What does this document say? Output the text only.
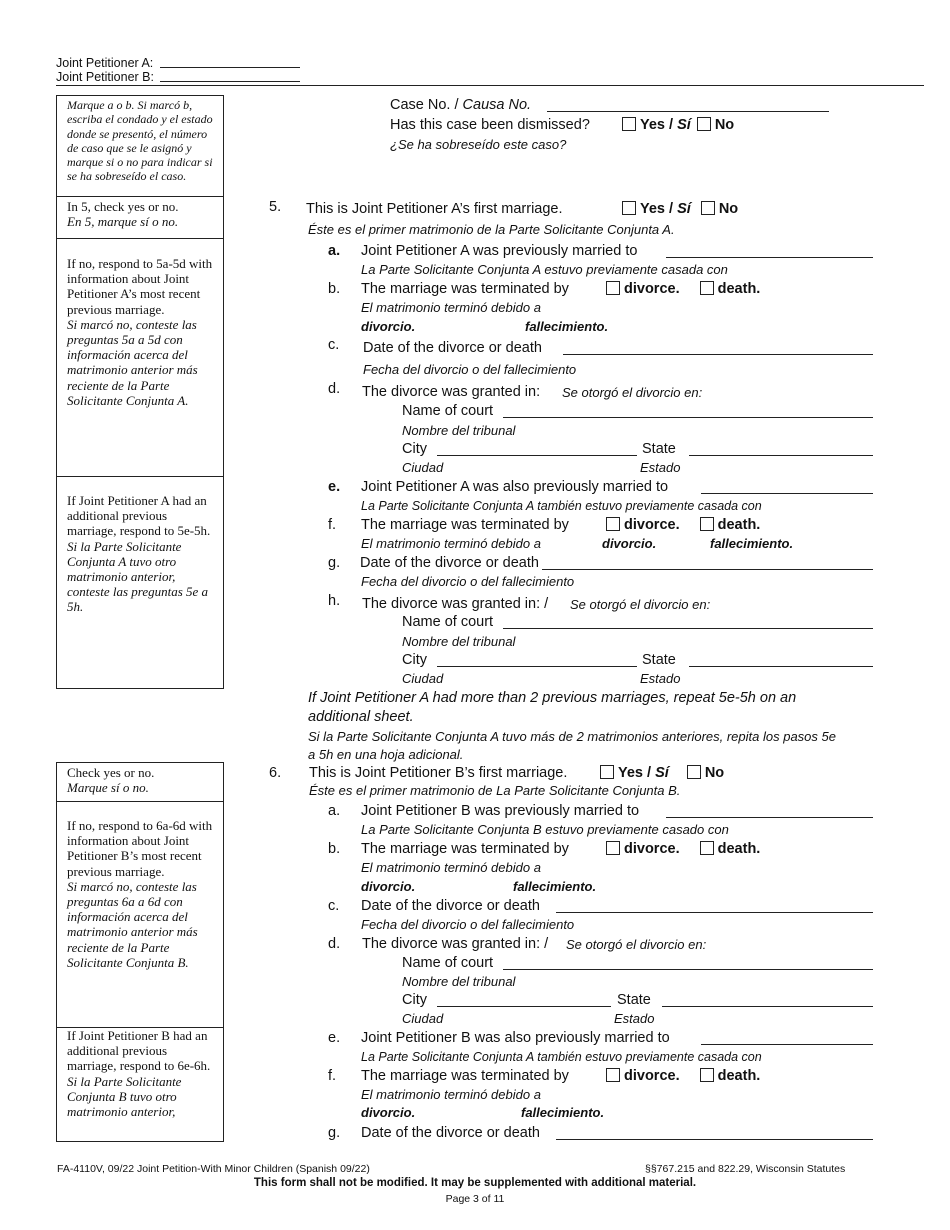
Joint Petitioner A:
Joint Petitioner B:
Marque a o b. Si marcó b, escriba el condado y el estado donde se presentó, el número de caso que se le asignó y marque si o no para indicar si se ha sobreseído el caso.
In 5, check yes or no.
En 5, marque sí o no.
If no, respond to 5a-5d with information about Joint Petitioner A’s most recent previous marriage.
Si marcó no, conteste las preguntas 5a a 5d con información acerca del matrimonio anterior más reciente de la Parte Solicitante Conjunta A.
If Joint Petitioner A had an additional previous marriage, respond to 5e-5h.
Si la Parte Solicitante Conjunta A tuvo otro matrimonio anterior, conteste las preguntas 5e a 5h.
Check yes or no.
Marque sí o no.
If no, respond to 6a-6d with information about Joint Petitioner B’s most recent previous marriage.
Si marcó no, conteste las preguntas 6a a 6d con información acerca del matrimonio anterior más reciente de la Parte Solicitante Conjunta B.
If Joint Petitioner B had an additional previous marriage, respond to 6e-6h.
Si la Parte Solicitante Conjunta B tuvo otro matrimonio anterior,
Case No. / Causa No.
Has this case been dismissed?	Yes / Sí No
¿Se ha sobreseído este caso?
5. This is Joint Petitioner A’s first marriage.	Yes / Sí No
Éste es el primer matrimonio de la Parte Solicitante Conjunta A.
a. Joint Petitioner A was previously married to
La Parte Solicitante Conjunta A estuvo previamente casada con
b. The marriage was terminated by	divorce.	death.
El matrimonio terminó debido a
divorcio.	fallecimiento.
c. Date of the divorce or death
Fecha del divorcio o del fallecimiento
d. The divorce was granted in: Se otorgó el divorcio en:
Name of court
Nombre del tribunal
City	State
Ciudad	Estado
e. Joint Petitioner A was also previously married to
La Parte Solicitante Conjunta A también estuvo previamente casada con
f. The marriage was terminated by	divorce.	death.
El matrimonio terminó debido a	divorcio.	fallecimiento.
g. Date of the divorce or death
Fecha del divorcio o del fallecimiento
h. The divorce was granted in: / Se otorgó el divorcio en:
Name of court
Nombre del tribunal
City	State
Ciudad	Estado
If Joint Petitioner A had more than 2 previous marriages, repeat 5e-5h on an
additional sheet.
Si la Parte Solicitante Conjunta A tuvo más de 2 matrimonios anteriores, repita los pasos 5e
a 5h en una hoja adicional.
6. This is Joint Petitioner B’s first marriage.	Yes / Sí No
Éste es el primer matrimonio de La Parte Solicitante Conjunta B.
a. Joint Petitioner B was previously married to
La Parte Solicitante Conjunta B estuvo previamente casado con
b. The marriage was terminated by	divorce.	death.
El matrimonio terminó debido a
divorcio.	fallecimiento.
c. Date of the divorce or death
Fecha del divorcio o del fallecimiento
d. The divorce was granted in: / Se otorgó el divorcio en:
Name of court
Nombre del tribunal
City	State
Ciudad	Estado
e. Joint Petitioner B was also previously married to
La Parte Solicitante Conjunta A también estuvo previamente casada con
f. The marriage was terminated by	divorce.	death.
El matrimonio terminó debido a
divorcio.	fallecimiento.
g. Date of the divorce or death
FA-4110V, 09/22 Joint Petition-With Minor Children (Spanish 09/22)	§§767.215 and 822.29, Wisconsin Statutes
This form shall not be modified. It may be supplemented with additional material.
Page 3 of 11
